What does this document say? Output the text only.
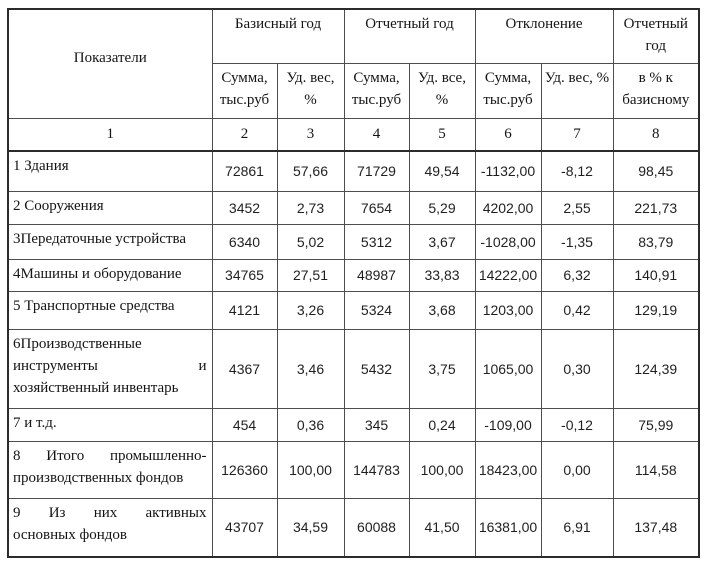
Показатели	Базисный год		Отчетный год		Отклонение		Отчетный год
	Сумма, тыс.руб	Уд. вес, %	Сумма, тыс.руб	Уд. все, %	Сумма, тыс.руб	Уд. вес, %	в % к базисному
1	2	3	4	5	6	7	8
1 Здания	72861	57,66	71729	49,54	-1132,00	-8,12	98,45
2 Сооружения	3452	2,73	7654	5,29	4202,00	2,55	221,73
3Передаточные устройства	6340	5,02	5312	3,67	-1028,00	-1,35	83,79
4Машины и оборудование	34765	27,51	48987	33,83	14222,00	6,32	140,91
5 Транспортные средства	4121	3,26	5324	3,68	1203,00	0,42	129,19

6Производственные
инструменты и
хозяйственный инвентарь	4367	3,46	5432	3,75	1065,00	0,30	124,39
7 и т.д.	454	0,36	345	0,24	-109,00	-0,12	75,99

8 Итого промышленно-
производственных фондов	126360	100,00	144783	100,00	18423,00	0,00	114,58

9 Из них активных
основных фондов	43707	34,59	60088	41,50	16381,00	6,91	137,48
